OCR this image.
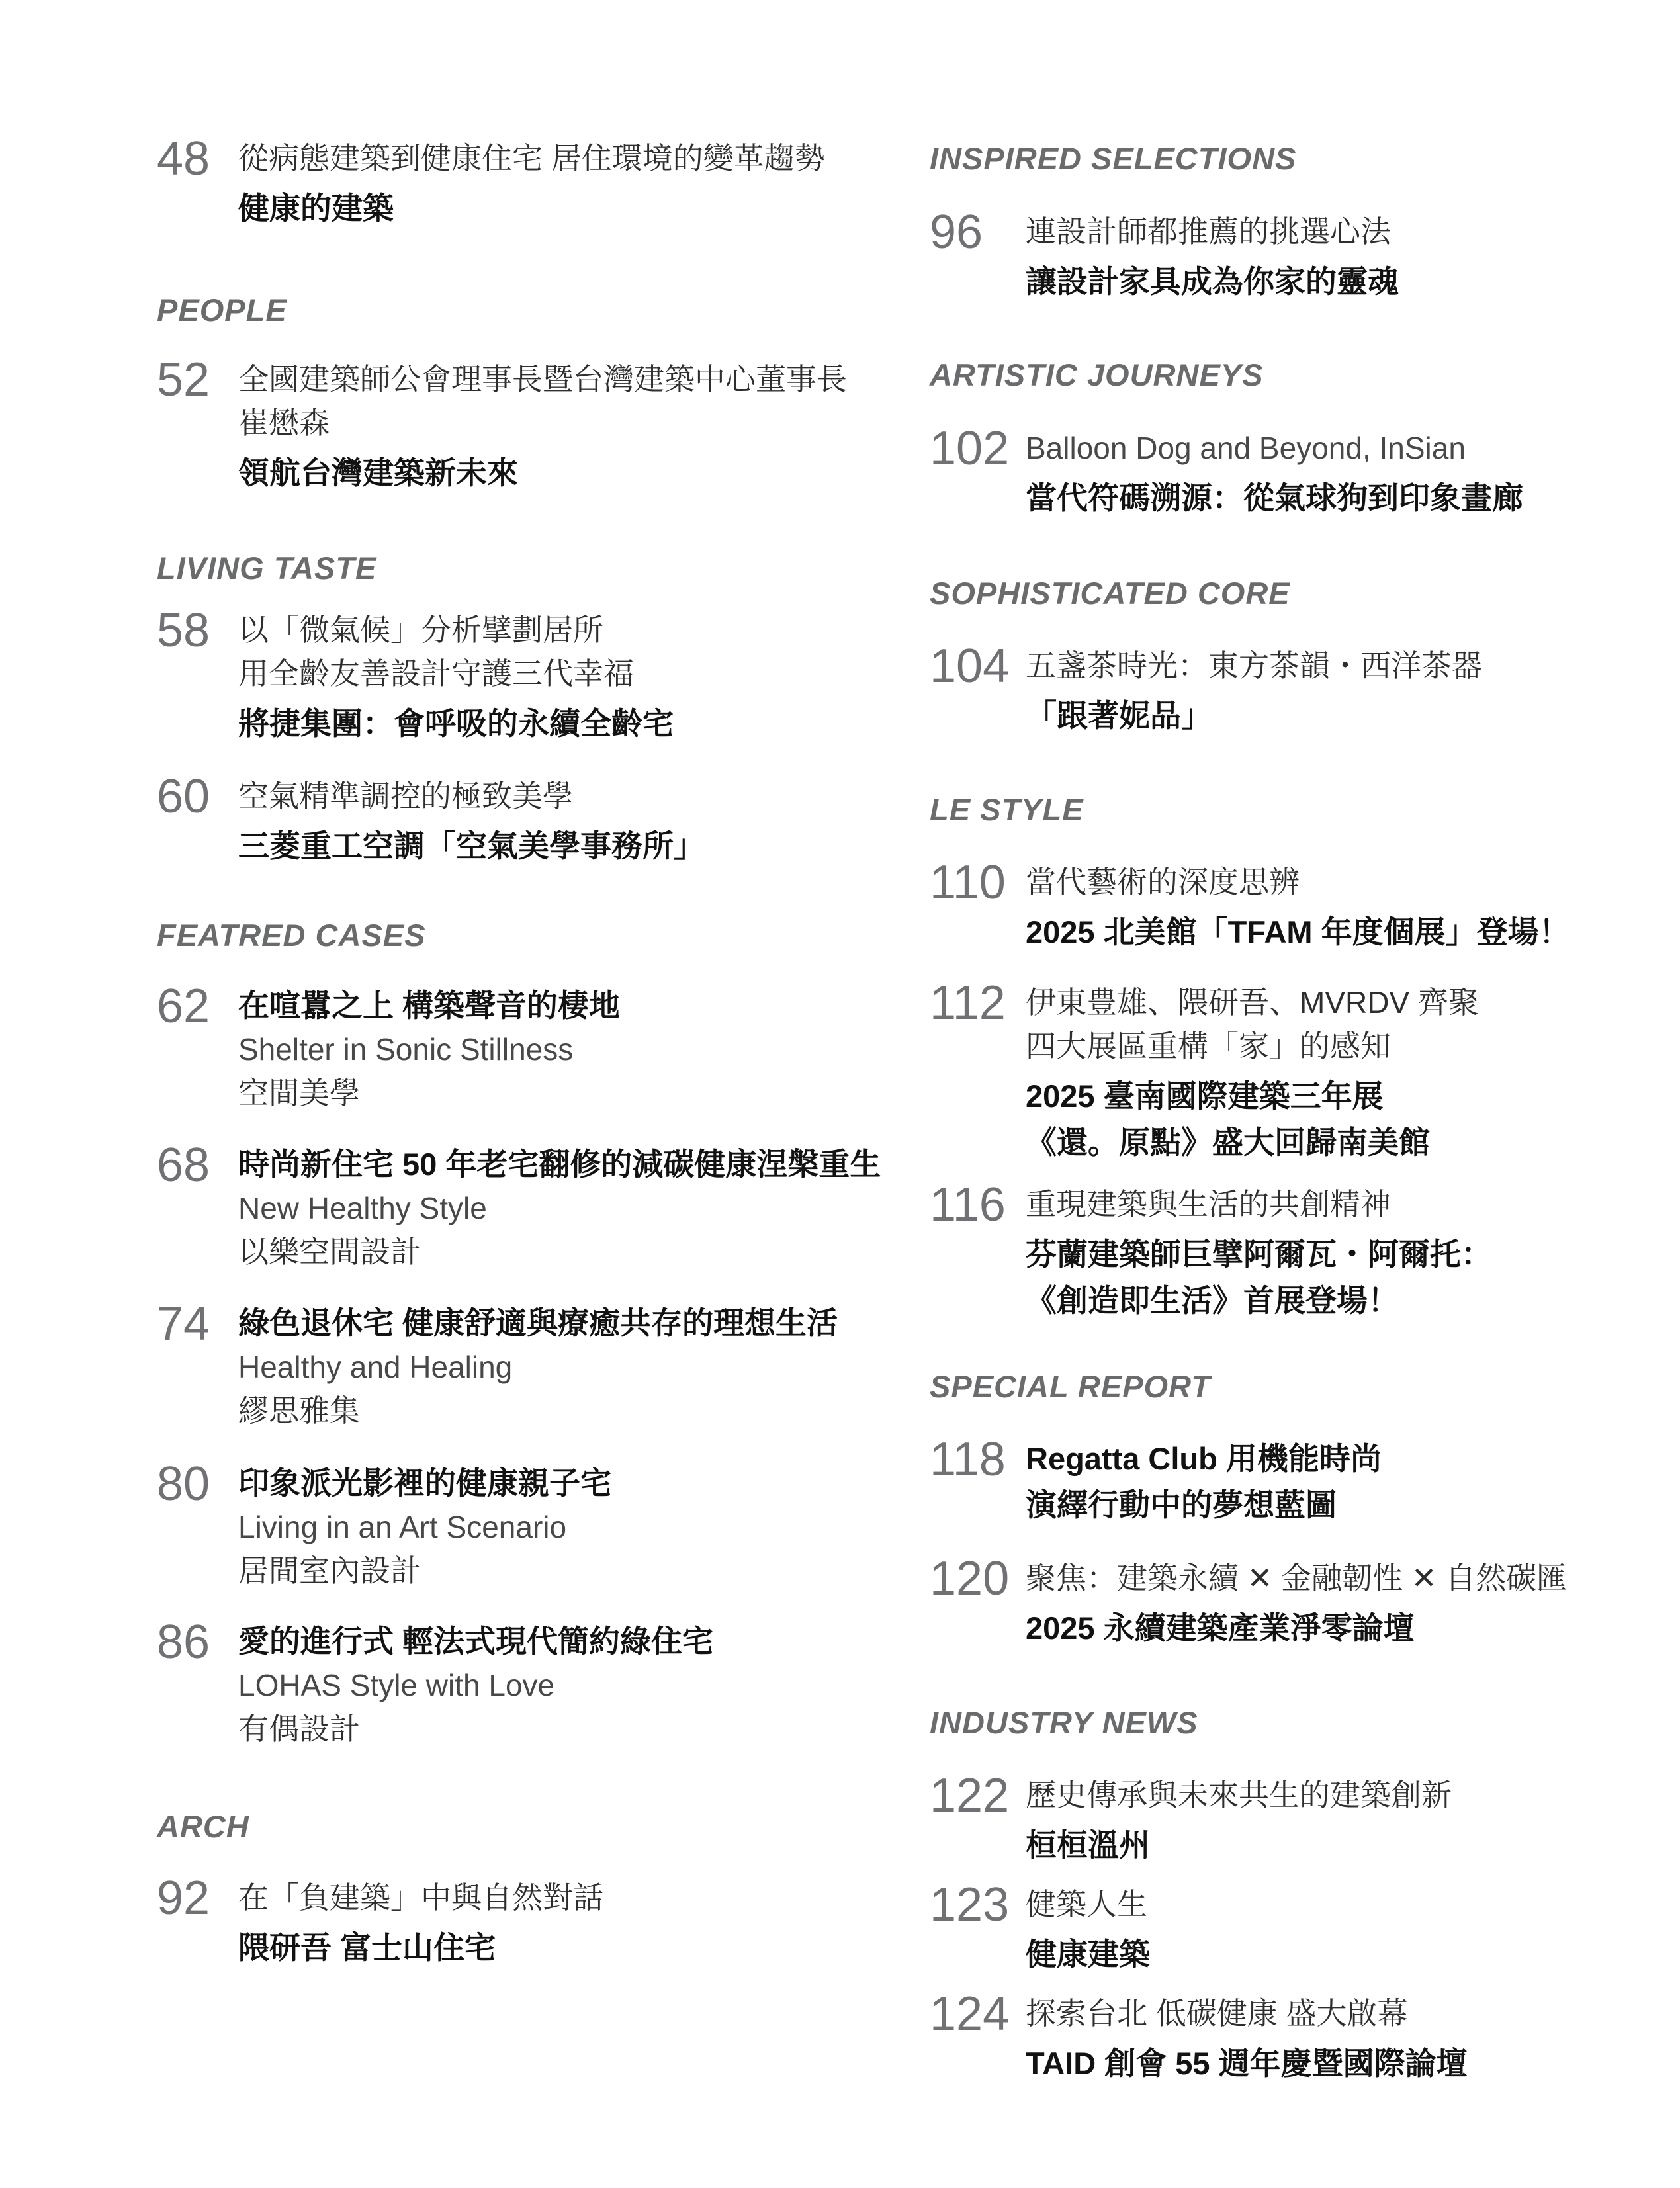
48 從病態建築到健康住宅 居住環境的變革趨勢
健康的建築
PEOPLE
52 全國建築師公會理事長暨台灣建築中心董事長
崔懋森
領航台灣建築新未來
LIVING TASTE
58 以「微氣候」分析擘劃居所
用全齡友善設計守護三代幸福
將捷集團：會呼吸的永續全齡宅
60 空氣精準調控的極致美學
三菱重工空調「空氣美學事務所」
FEATRED CASES
62 在喧囂之上 構築聲音的棲地
Shelter in Sonic Stillness
空間美學
68 時尚新住宅 50 年老宅翻修的減碳健康涅槃重生
New Healthy Style
以樂空間設計
74 綠色退休宅 健康舒適與療癒共存的理想生活
Healthy and Healing
繆思雅集
80 印象派光影裡的健康親子宅
Living in an Art Scenario
居間室內設計
86 愛的進行式 輕法式現代簡約綠住宅
LOHAS Style with Love
有偶設計
ARCH
92 在「負建築」中與自然對話
隈研吾 富士山住宅
INSPIRED SELECTIONS
96	連設計師都推薦的挑選心法
讓設計家具成為你家的靈魂
ARTISTIC JOURNEYS
102 Balloon Dog and Beyond, InSian
當代符碼溯源：從氣球狗到印象畫廊
SOPHISTICATED CORE
104 五盞茶時光：東方茶韻・西洋茶器
「跟著妮品」
LE STYLE
110 當代藝術的深度思辨
2025 北美館「TFAM 年度個展」登場！
112 伊東豊雄、隈研吾、MVRDV 齊聚
四大展區重構「家」的感知
2025 臺南國際建築三年展
《還。原點》盛大回歸南美館
116 重現建築與生活的共創精神
芬蘭建築師巨擘阿爾瓦・阿爾托：
《創造即生活》首展登場！
SPECIAL REPORT
118 Regatta Club 用機能時尚
演繹行動中的夢想藍圖
120 聚焦：建築永續 ✕ 金融韌性 ✕ 自然碳匯
2025 永續建築產業淨零論壇
INDUSTRY NEWS
122 歷史傳承與未來共生的建築創新
桓桓溫州
123 健築人生
健康建築
124 探索台北 低碳健康 盛大啟幕
TAID 創會 55 週年慶暨國際論壇
